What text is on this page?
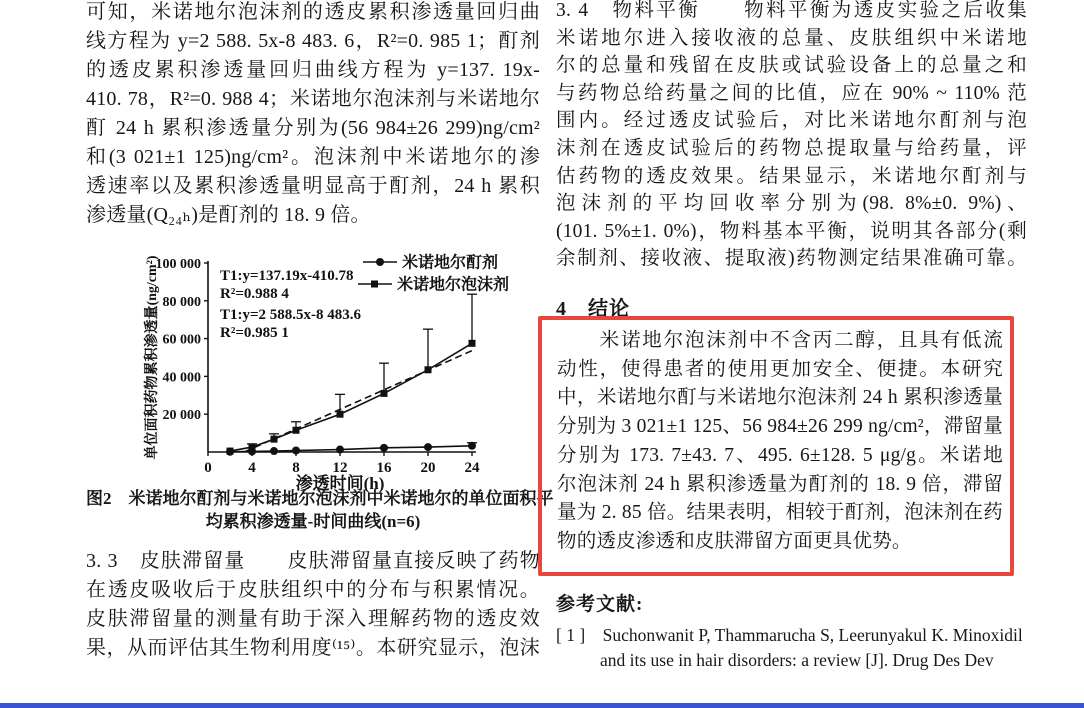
可知，米诺地尔泡沫剂的透皮累积渗透量回归曲
线方程为 y=2 588. 5x-8 483. 6，R²=0. 985 1；酊剂
的透皮累积渗透量回归曲线方程为 y=137. 19x-
410. 78，R²=0. 988 4；米诺地尔泡沫剂与米诺地尔
酊 24 h 累积渗透量分别为(56 984±26 299)ng/cm²
和(3 021±1 125)ng/cm²。泡沫剂中米诺地尔的渗
透速率以及累积渗透量明显高于酊剂，24 h 累积
渗透量(Q₂₄ₕ)是酊剂的 18. 9 倍。
20 000
40 000
60 000
80 000
100 000
0 4 8 12 16 20 24
渗透时间(h)
单位面积药物累积渗透量(ng/cm²)	米诺地尔酊剂
米诺地尔泡沫剂
T1:y=137.19x-410.78
R²=0.988 4
T1:y=2 588.5x-8 483.6
R²=0.985 1
图2　米诺地尔酊剂与米诺地尔泡沫剂中米诺地尔的单位面积平
均累积渗透量-时间曲线(n=6)
3. 3　皮肤滞留量　　皮肤滞留量直接反映了药物
在透皮吸收后于皮肤组织中的分布与积累情况。
皮肤滞留量的测量有助于深入理解药物的透皮效
果，从而评估其生物利用度⁽¹⁵⁾。本研究显示，泡沫
3. 4　物料平衡　　物料平衡为透皮实验之后收集
米诺地尔进入接收液的总量、皮肤组织中米诺地
尔的总量和残留在皮肤或试验设备上的总量之和
与药物总给药量之间的比值，应在 90% ~ 110% 范
围内。经过透皮试验后，对比米诺地尔酊剂与泡
沫剂在透皮试验后的药物总提取量与给药量，评
估药物的透皮效果。结果显示，米诺地尔酊剂与
泡沫剂的平均回收率分别为(98. 8%±0. 9%)、
(101. 5%±1. 0%)，物料基本平衡，说明其各部分(剩
余制剂、接收液、提取液)药物测定结果准确可靠。
4　结论
　　米诺地尔泡沫剂中不含丙二醇，且具有低流
动性，使得患者的使用更加安全、便捷。本研究
中，米诺地尔酊与米诺地尔泡沫剂 24 h 累积渗透量
分别为 3 021±1 125、56 984±26 299 ng/cm²，滞留量
分别为 173. 7±43. 7、495. 6±128. 5 μg/g。米诺地
尔泡沫剂 24 h 累积渗透量为酊剂的 18. 9 倍，滞留
量为 2. 85 倍。结果表明，相较于酊剂，泡沫剂在药
物的透皮渗透和皮肤滞留方面更具优势。
参考文献:
[ 1 ]　Suchonwanit P, Thammarucha S, Leerunyakul K. Minoxidil
and its use in hair disorders: a review [J]. Drug Des Dev
